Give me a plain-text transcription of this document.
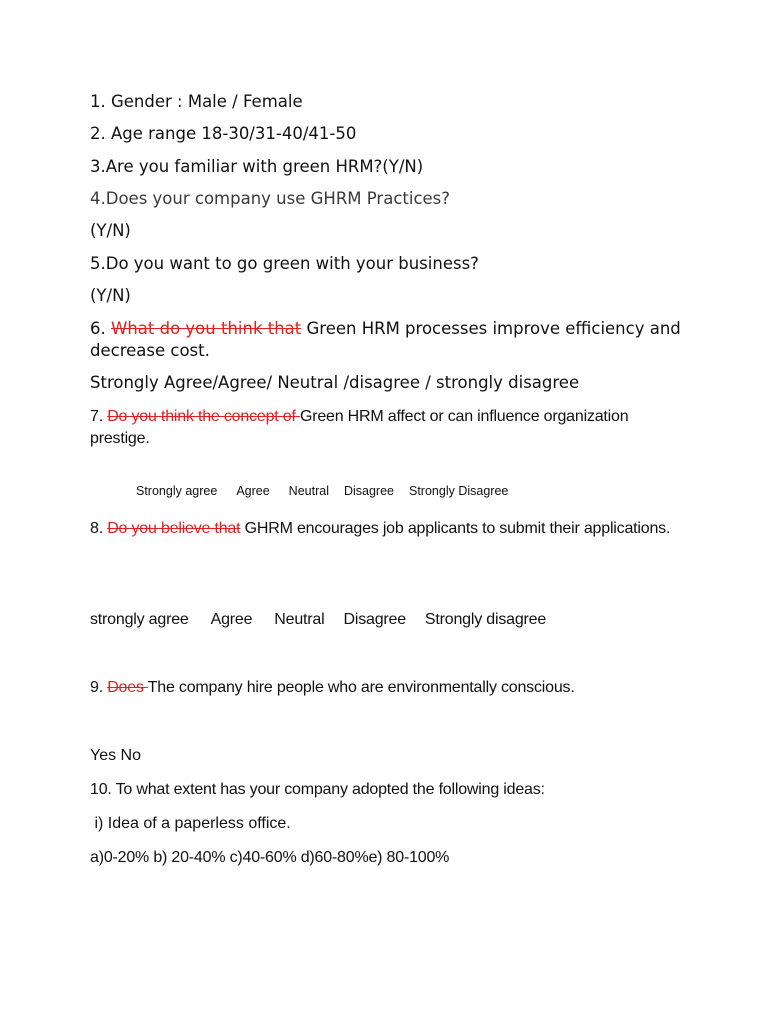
1. Gender : Male / Female
2. Age range 18-30/31-40/41-50
3.Are you familiar with green HRM?(Y/N)
4.Does your company use GHRM Practices?
(Y/N)
5.Do you want to go green with your business?
(Y/N)
6. What do you think that Green HRM processes improve efficiency and decrease cost.
Strongly Agree/Agree/ Neutral /disagree / strongly disagree
7. Do you think the concept of Green HRM affect or can influence organization prestige.
Strongly agree Agree Neutral Disagree Strongly Disagree
8. Do you believe that GHRM encourages job applicants to submit their applications.
strongly agree Agree Neutral Disagree Strongly disagree
9. Does The company hire people who are environmentally conscious.
Yes No
10. To what extent has your company adopted the following ideas:
i) Idea of a paperless office.
a)0-20% b) 20-40% c)40-60% d)60-80%e) 80-100%
